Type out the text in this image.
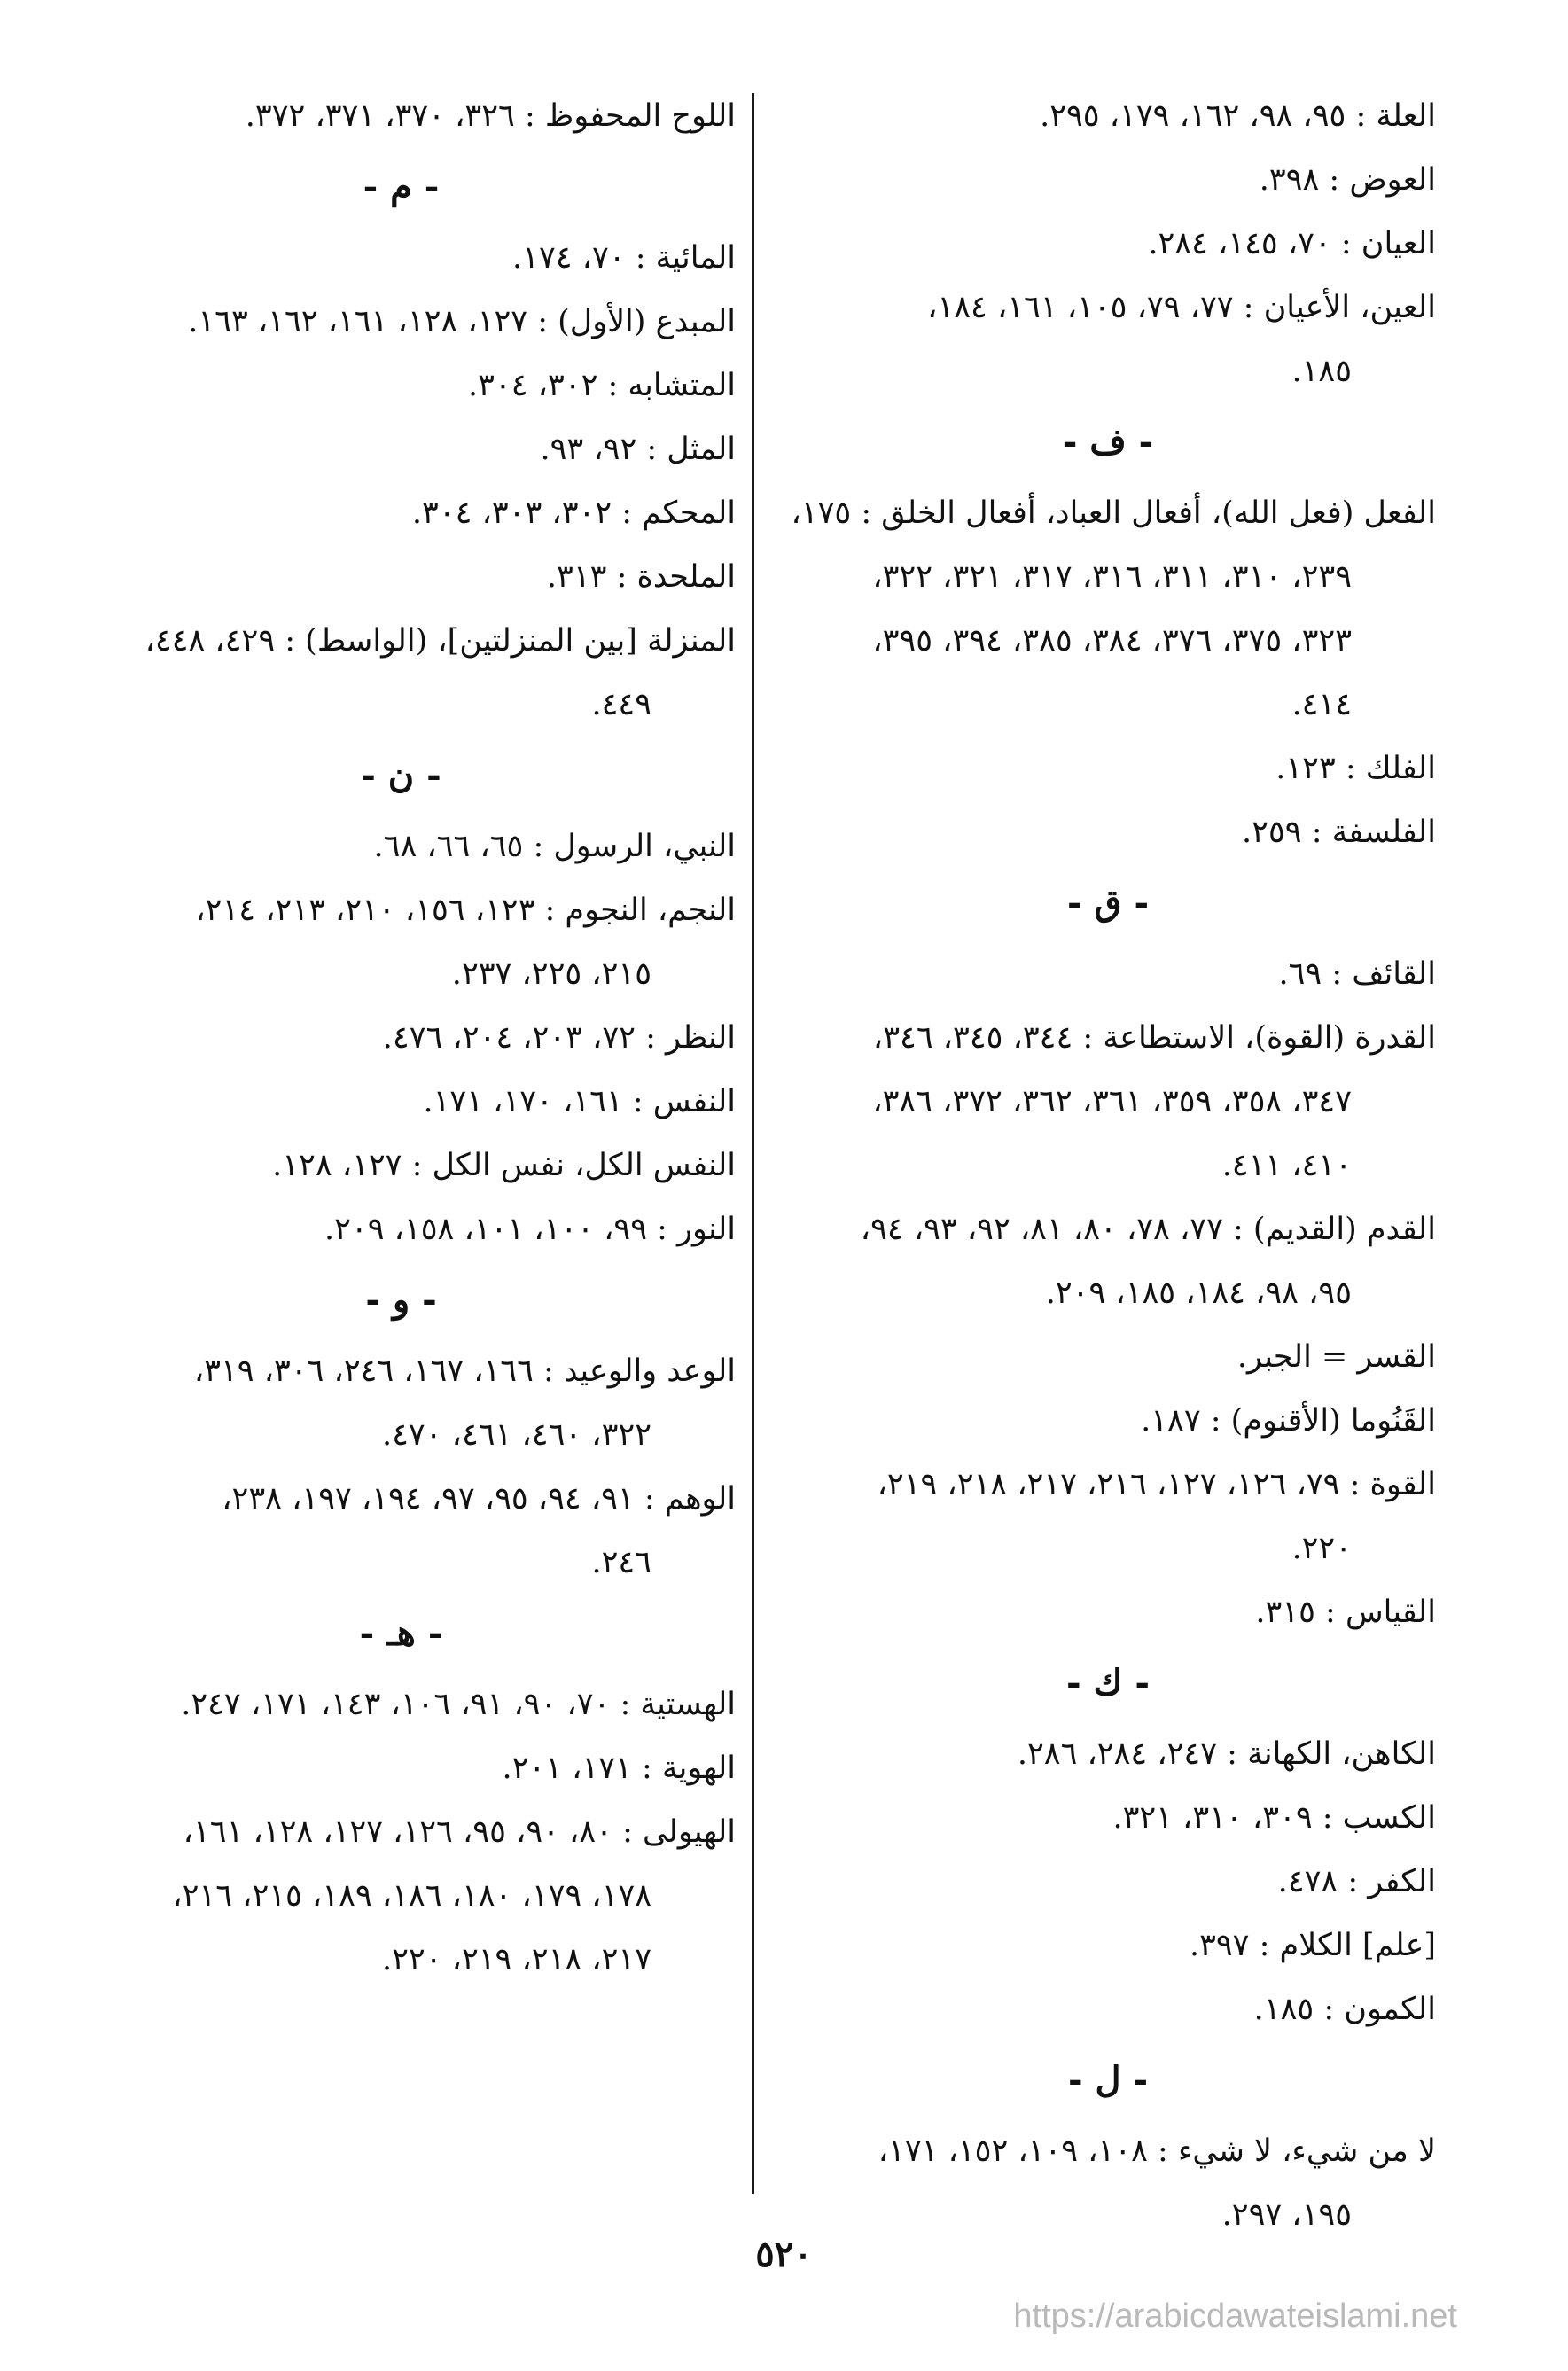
العلة : ٩٥، ٩٨، ١٦٢، ١٧٩، ٢٩٥.
العوض : ٣٩٨.
العيان : ٧٠، ١٤٥، ٢٨٤.
العين، الأعيان : ٧٧، ٧٩، ١٠٥، ١٦١، ١٨٤،
١٨٥.
- ف -
الفعل (فعل الله)، أفعال العباد، أفعال الخلق : ١٧٥،
٢٣٩، ٣١٠، ٣١١، ٣١٦، ٣١٧، ٣٢١، ٣٢٢،
٣٢٣، ٣٧٥، ٣٧٦، ٣٨٤، ٣٨٥، ٣٩٤، ٣٩٥،
٤١٤.
الفلك : ١٢٣.
الفلسفة : ٢٥٩.
- ق -
القائف : ٦٩.
القدرة (القوة)، الاستطاعة : ٣٤٤، ٣٤٥، ٣٤٦،
٣٤٧، ٣٥٨، ٣٥٩، ٣٦١، ٣٦٢، ٣٧٢، ٣٨٦،
٤١٠، ٤١١.
القدم (القديم) : ٧٧، ٧٨، ٨٠، ٨١، ٩٢، ٩٣، ٩٤،
٩٥، ٩٨، ١٨٤، ١٨٥، ٢٠٩.
القسر = الجبر.
القَنُوما (الأقنوم) : ١٨٧.
القوة : ٧٩، ١٢٦، ١٢٧، ٢١٦، ٢١٧، ٢١٨، ٢١٩،
٢٢٠.
القياس : ٣١٥.
- ك -
الكاهن، الكهانة : ٢٤٧، ٢٨٤، ٢٨٦.
الكسب : ٣٠٩، ٣١٠، ٣٢١.
الكفر : ٤٧٨.
[علم] الكلام : ٣٩٧.
الكمون : ١٨٥.
- ل -
لا من شيء، لا شيء : ١٠٨، ١٠٩، ١٥٢، ١٧١،
١٩٥، ٢٩٧.
اللوح المحفوظ : ٣٢٦، ٣٧٠، ٣٧١، ٣٧٢.
- م -
المائية : ٧٠، ١٧٤.
المبدع (الأول) : ١٢٧، ١٢٨، ١٦١، ١٦٢، ١٦٣.
المتشابه : ٣٠٢، ٣٠٤.
المثل : ٩٢، ٩٣.
المحكم : ٣٠٢، ٣٠٣، ٣٠٤.
الملحدة : ٣١٣.
المنزلة [بين المنزلتين]، (الواسط) : ٤٢٩، ٤٤٨،
٤٤٩.
- ن -
النبي، الرسول : ٦٥، ٦٦، ٦٨.
النجم، النجوم : ١٢٣، ١٥٦، ٢١٠، ٢١٣، ٢١٤،
٢١٥، ٢٢٥، ٢٣٧.
النظر : ٧٢، ٢٠٣، ٢٠٤، ٤٧٦.
النفس : ١٦١، ١٧٠، ١٧١.
النفس الكل، نفس الكل : ١٢٧، ١٢٨.
النور : ٩٩، ١٠٠، ١٠١، ١٥٨، ٢٠٩.
- و -
الوعد والوعيد : ١٦٦، ١٦٧، ٢٤٦، ٣٠٦، ٣١٩،
٣٢٢، ٤٦٠، ٤٦١، ٤٧٠.
الوهم : ٩١، ٩٤، ٩٥، ٩٧، ١٩٤، ١٩٧، ٢٣٨،
٢٤٦.
- هـ -
الهستية : ٧٠، ٩٠، ٩١، ١٠٦، ١٤٣، ١٧١، ٢٤٧.
الهوية : ١٧١، ٢٠١.
الهيولى : ٨٠، ٩٠، ٩٥، ١٢٦، ١٢٧، ١٢٨، ١٦١،
١٧٨، ١٧٩، ١٨٠، ١٨٦، ١٨٩، ٢١٥، ٢١٦،
٢١٧، ٢١٨، ٢١٩، ٢٢٠.
٥٢٠
https://arabicdawateislami.net
